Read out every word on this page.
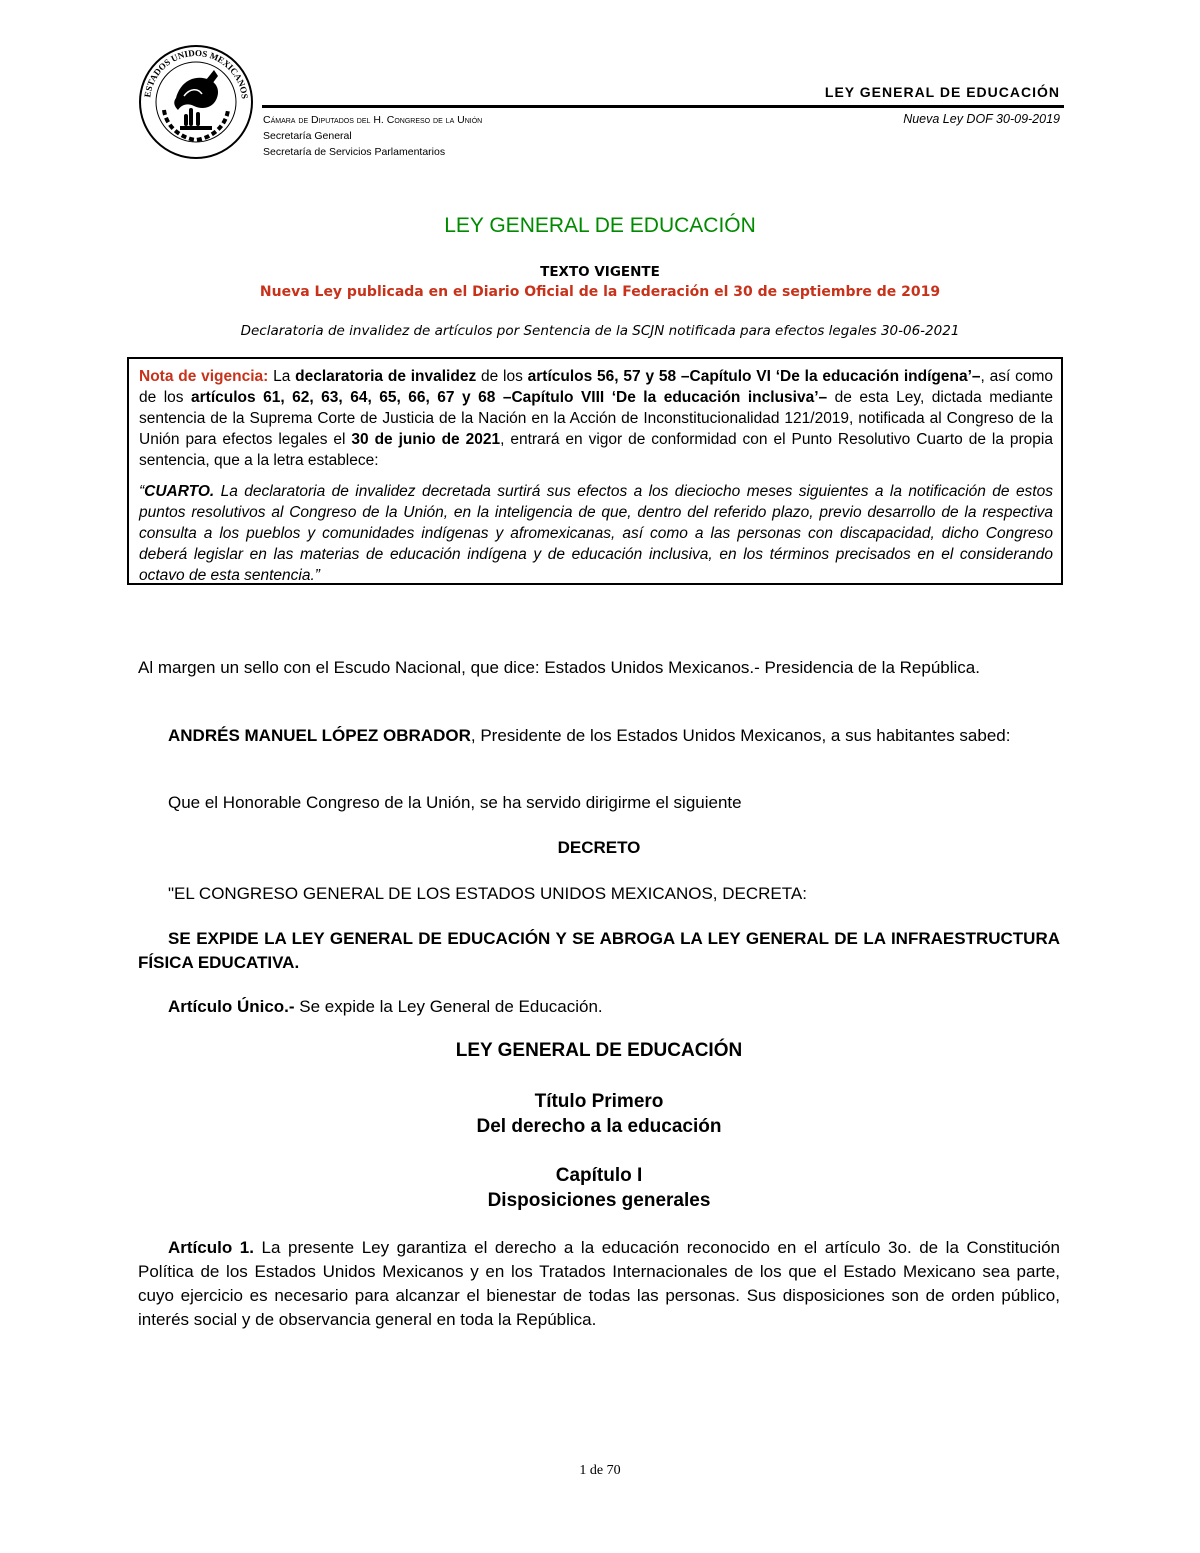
ESTADOS UNIDOS MEXICANOS	LEY GENERAL DE EDUCACIÓN
Cámara de Diputados del H. Congreso de la Unión
Secretaría General
Secretaría de Servicios Parlamentarios
Nueva Ley DOF 30-09-2019
LEY GENERAL DE EDUCACIÓN
TEXTO VIGENTE
Nueva Ley publicada en el Diario Oficial de la Federación el 30 de septiembre de 2019
Declaratoria de invalidez de artículos por Sentencia de la SCJN notificada para efectos legales 30-06-2021

Nota de vigencia: La declaratoria de invalidez de los artículos 56, 57 y 58 –Capítulo VI ‘De la educación indígena’–, así como de los artículos 61, 62, 63, 64, 65, 66, 67 y 68 –Capítulo VIII ‘De la educación inclusiva’– de esta Ley, dictada mediante sentencia de la Suprema Corte de Justicia de la Nación en la Acción de Inconstitucionalidad 121/2019, notificada al Congreso de la Unión para efectos legales el 30 de junio de 2021, entrará en vigor de conformidad con el Punto Resolutivo Cuarto de la propia sentencia, que a la letra establece:

“CUARTO. La declaratoria de invalidez decretada surtirá sus efectos a los dieciocho meses siguientes a la notificación de estos puntos resolutivos al Congreso de la Unión, en la inteligencia de que, dentro del referido plazo, previo desarrollo de la respectiva consulta a los pueblos y comunidades indígenas y afromexicanas, así como a las personas con discapacidad, dicho Congreso deberá legislar en las materias de educación indígena y de educación inclusiva, en los términos precisados en el considerando octavo de esta sentencia.”

Al margen un sello con el Escudo Nacional, que dice: Estados Unidos Mexicanos.- Presidencia de la República.
ANDRÉS MANUEL LÓPEZ OBRADOR, Presidente de los Estados Unidos Mexicanos, a sus habitantes sabed:
Que el Honorable Congreso de la Unión, se ha servido dirigirme el siguiente
DECRETO
"EL CONGRESO GENERAL DE LOS ESTADOS UNIDOS MEXICANOS, DECRETA:
SE EXPIDE LA LEY GENERAL DE EDUCACIÓN Y SE ABROGA LA LEY GENERAL DE LA INFRAESTRUCTURA FÍSICA EDUCATIVA.
Artículo Único.- Se expide la Ley General de Educación.
LEY GENERAL DE EDUCACIÓN
Título Primero
Del derecho a la educación
Capítulo I
Disposiciones generales
Artículo 1. La presente Ley garantiza el derecho a la educación reconocido en el artículo 3o. de la Constitución Política de los Estados Unidos Mexicanos y en los Tratados Internacionales de los que el Estado Mexicano sea parte, cuyo ejercicio es necesario para alcanzar el bienestar de todas las personas. Sus disposiciones son de orden público, interés social y de observancia general en toda la República.
1 de 70
